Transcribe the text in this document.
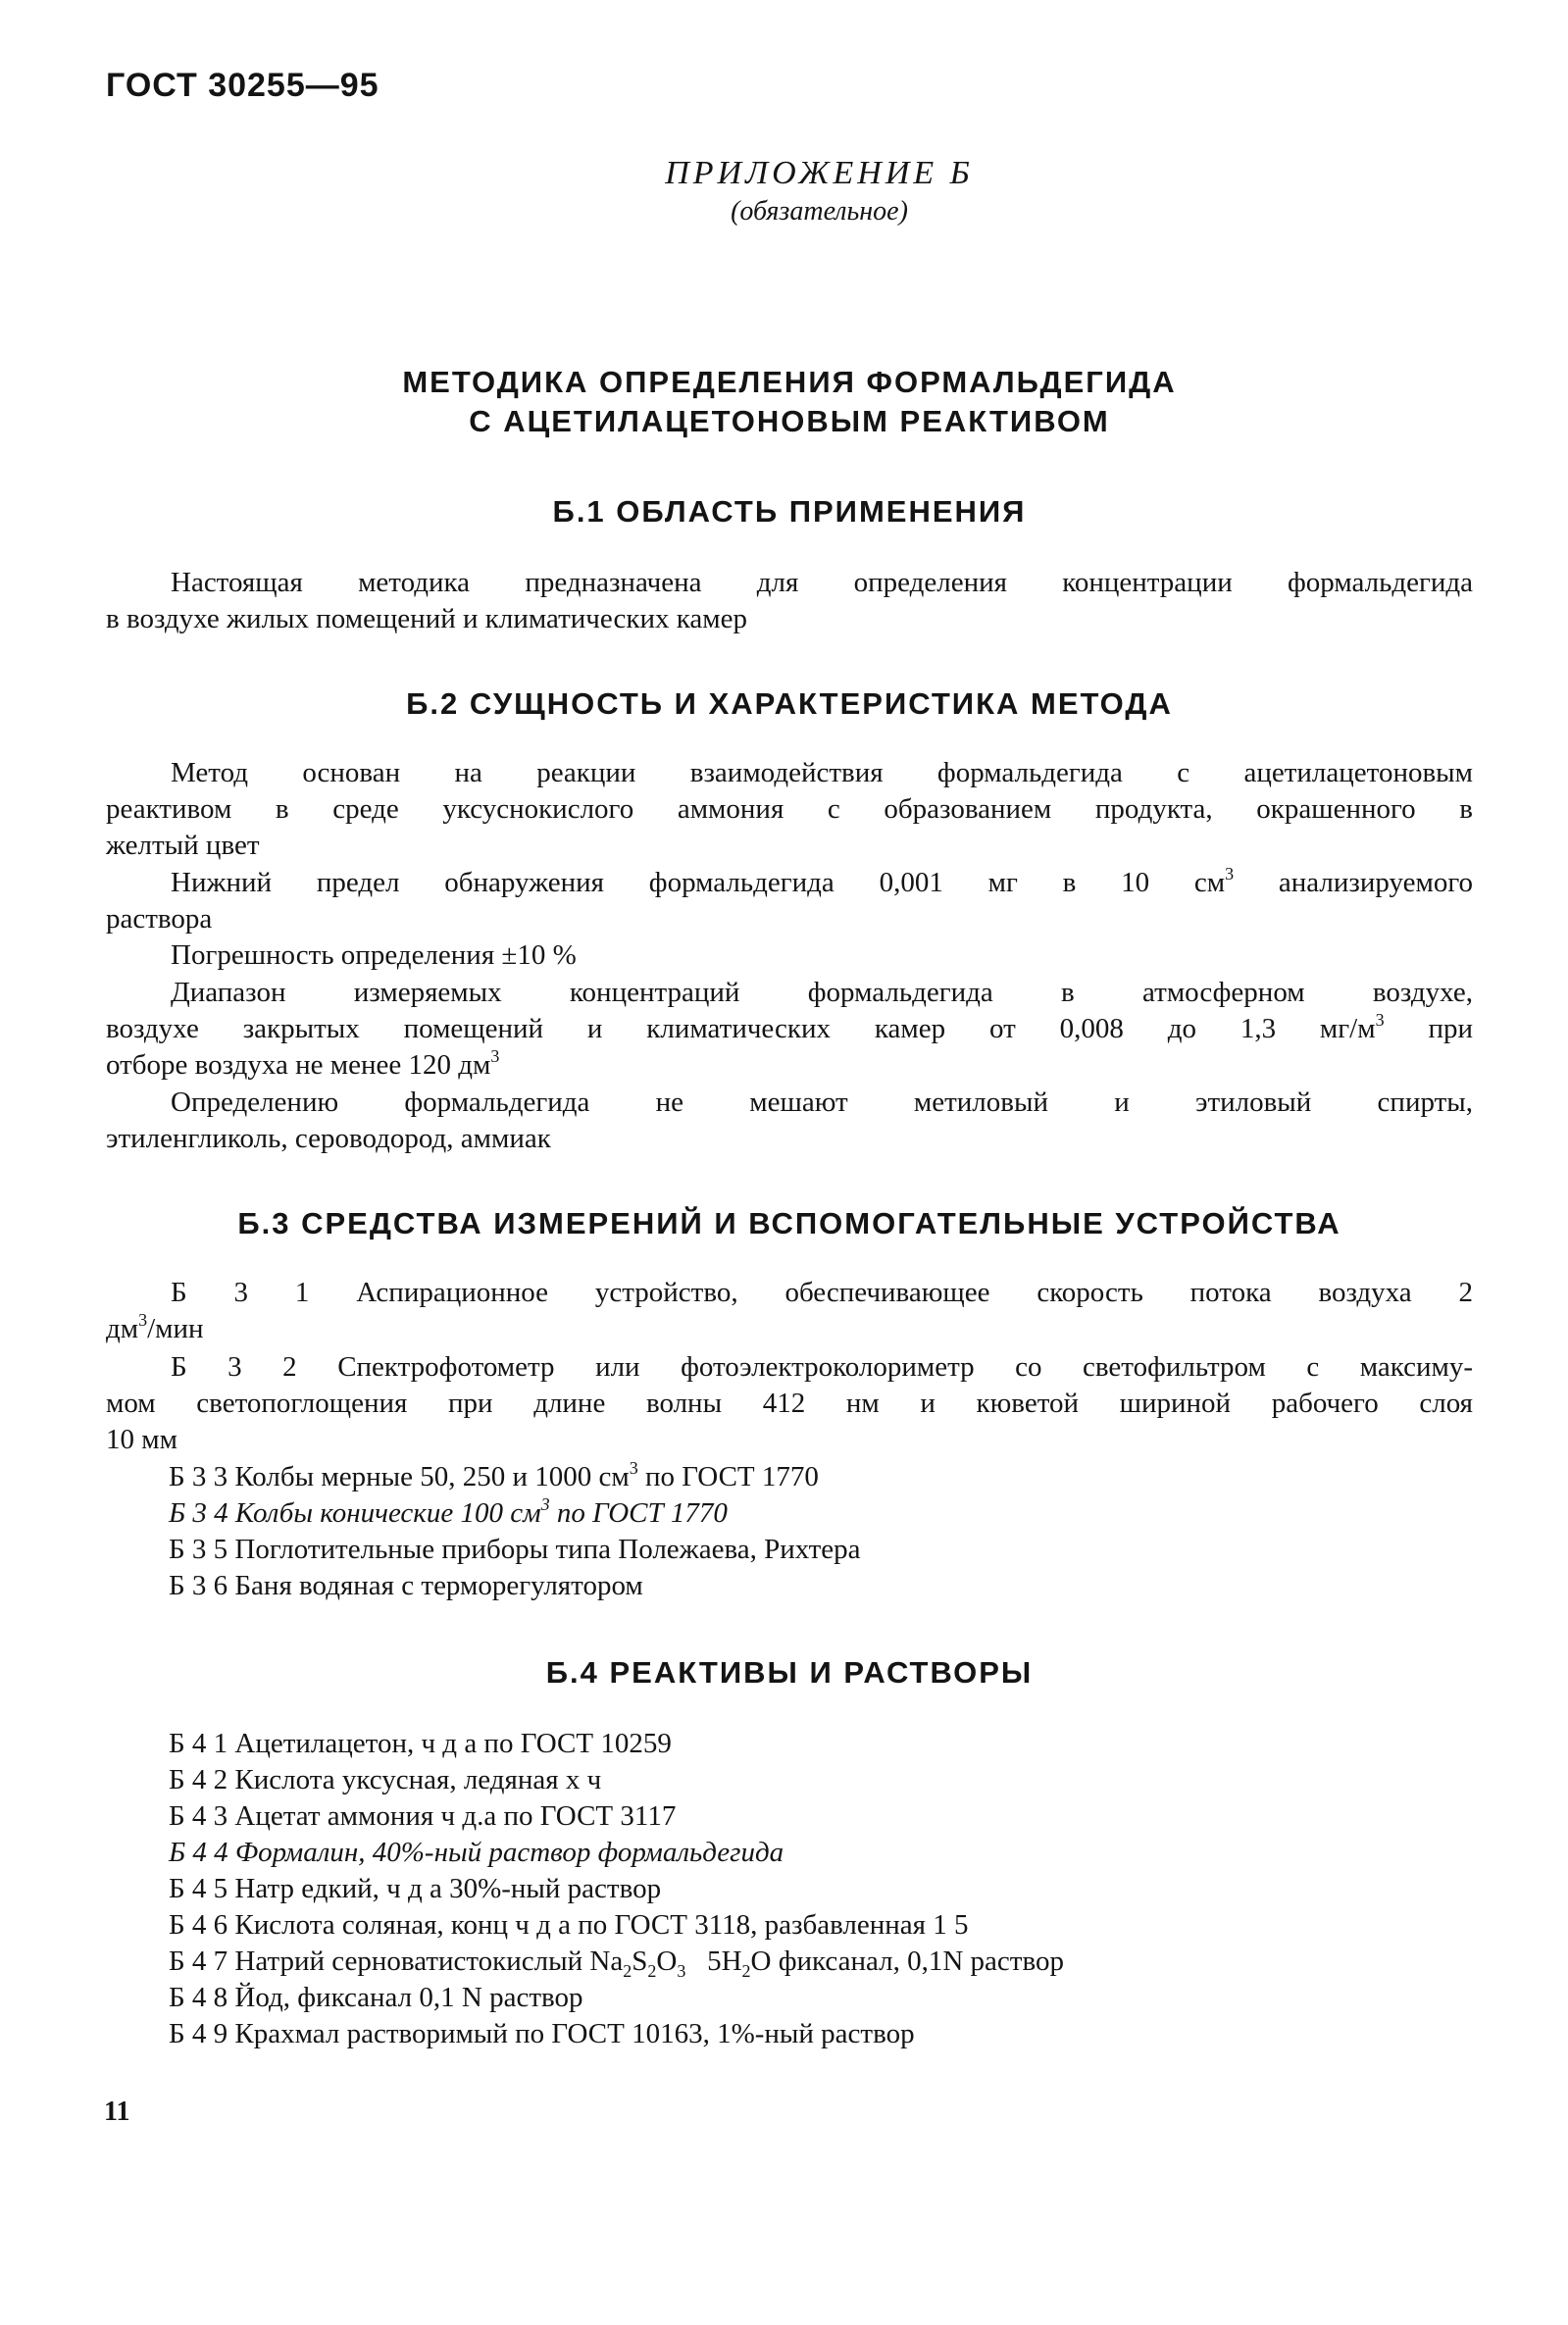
ГОСТ 30255—95
ПРИЛОЖЕНИЕ Б
(обязательное)
МЕТОДИКА ОПРЕДЕЛЕНИЯ ФОРМАЛЬДЕГИДА
С АЦЕТИЛАЦЕТОНОВЫМ РЕАКТИВОМ
Б.1 ОБЛАСТЬ ПРИМЕНЕНИЯ
Настоящая методика предназначена для определения концентрации формальдегида
в воздухе жилых помещений и климатических камер
Б.2 СУЩНОСТЬ И ХАРАКТЕРИСТИКА МЕТОДА
Метод основан на реакции взаимодействия формальдегида с ацетилацетоновым
реактивом в среде уксуснокислого аммония с образованием продукта, окрашенного в
желтый цвет
Нижний предел обнаружения формальдегида 0,001 мг в 10 $см^3$ анализируемого
раствора
Погрешность определения ±10 %
Диапазон измеряемых концентраций формальдегида в атмосферном воздухе,
воздухе закрытых помещений и климатических камер от 0,008 до 1,3 $мг/м^3$ при
отборе воздуха не менее 120 $дм^3$
Определению формальдегида не мешают метиловый и этиловый спирты,
этиленгликоль, сероводород, аммиак
Б.3 СРЕДСТВА ИЗМЕРЕНИЙ И ВСПОМОГАТЕЛЬНЫЕ УСТРОЙСТВА
Б 3 1 Аспирационное устройство, обеспечивающее скорость потока воздуха 2
$дм^3$/мин
Б 3 2 Спектрофотометр или фотоэлектроколориметр со светофильтром с максиму-
мом светопоглощения при длине волны 412 нм и кюветой шириной рабочего слоя
10 мм
Б 3 3 Колбы мерные 50, 250 и 1000 $см^3$ по ГОСТ 1770
Б 3 4 Колбы конические 100 $см^3$ по ГОСТ 1770
Б 3 5 Поглотительные приборы типа Полежаева, Рихтера
Б 3 6 Баня водяная с терморегулятором
Б.4 РЕАКТИВЫ И РАСТВОРЫ
Б 4 1 Ацетилацетон, ч д а по ГОСТ 10259
Б 4 2 Кислота уксусная, ледяная х ч
Б 4 3 Ацетат аммония ч д.а по ГОСТ 3117
Б 4 4 Формалин, 40%-ный раствор формальдегида
Б 4 5 Натр едкий, ч д а 30%-ный раствор
Б 4 6 Кислота соляная, конц ч д а по ГОСТ 3118, разбавленная 1 5
Б 4 7 Натрий серноватистокислый $Na_2S_2O_3$   $5H_2O$ фиксанал, 0,1N раствор
Б 4 8 Йод, фиксанал 0,1 N раствор
Б 4 9 Крахмал растворимый по ГОСТ 10163, 1%-ный раствор
11
